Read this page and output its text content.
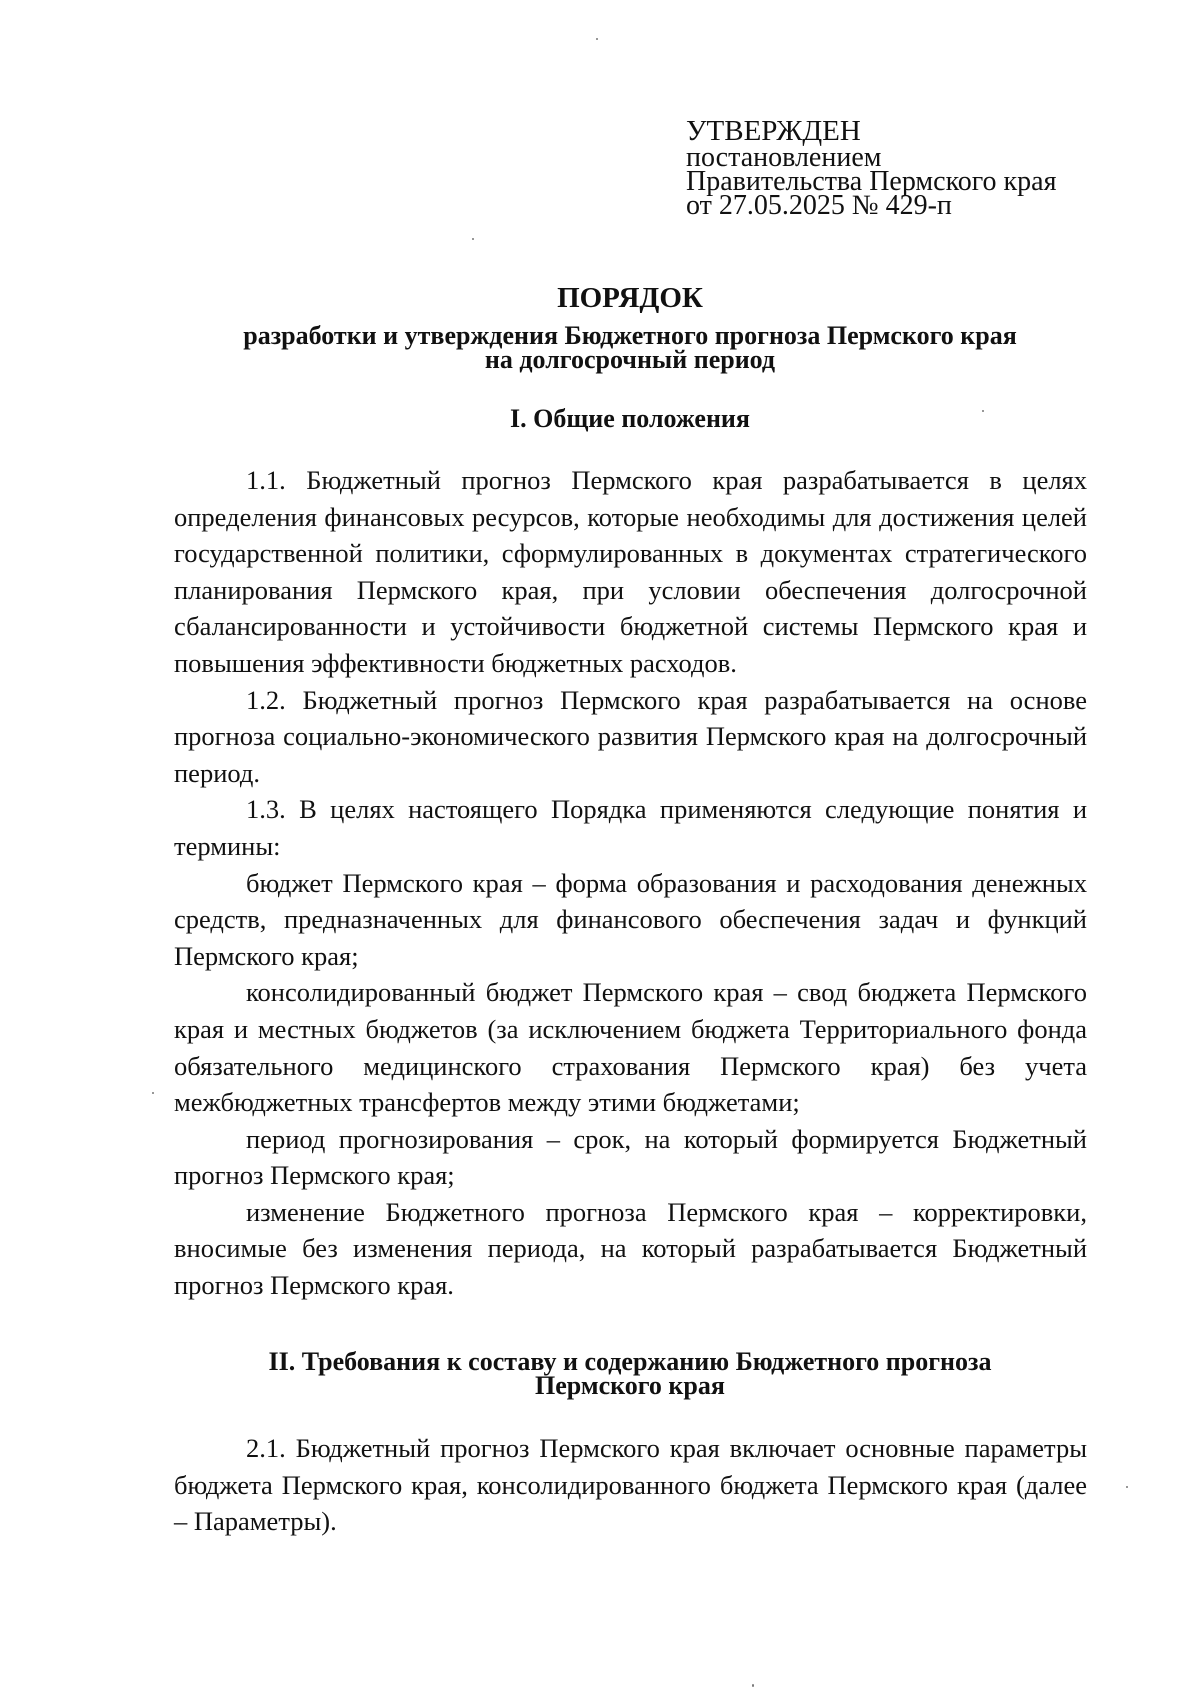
УТВЕРЖДЕН
постановлением
Правительства Пермского края
от 27.05.2025 № 429-п
ПОРЯДОК
разработки и утверждения Бюджетного прогноза Пермского края
на долгосрочный период
I. Общие положения

1.1. Бюджетный прогноз Пермского края разрабатывается в целях определения финансовых ресурсов, которые необходимы для достижения целей государственной политики, сформулированных в документах стратегического планирования Пермского края, при условии обеспечения долгосрочной сбалансированности и устойчивости бюджетной системы Пермского края и повышения эффективности бюджетных расходов.

1.2. Бюджетный прогноз Пермского края разрабатывается на основе прогноза социально-экономического развития Пермского края на долгосрочный период.

1.3. В целях настоящего Порядка применяются следующие понятия и термины:

бюджет Пермского края – форма образования и расходования денежных средств, предназначенных для финансового обеспечения задач и функций Пермского края;

консолидированный бюджет Пермского края – свод бюджета Пермского края и местных бюджетов (за исключением бюджета Территориального фонда обязательного медицинского страхования Пермского края) без учета межбюджетных трансфертов между этими бюджетами;

период прогнозирования – срок, на который формируется Бюджетный прогноз Пермского края;

изменение Бюджетного прогноза Пермского края – корректировки, вносимые без изменения периода, на который разрабатывается Бюджетный прогноз Пермского края.

II. Требования к составу и содержанию Бюджетного прогноза
Пермского края

2.1. Бюджетный прогноз Пермского края включает основные параметры бюджета Пермского края, консолидированного бюджета Пермского края (далее – Параметры).
